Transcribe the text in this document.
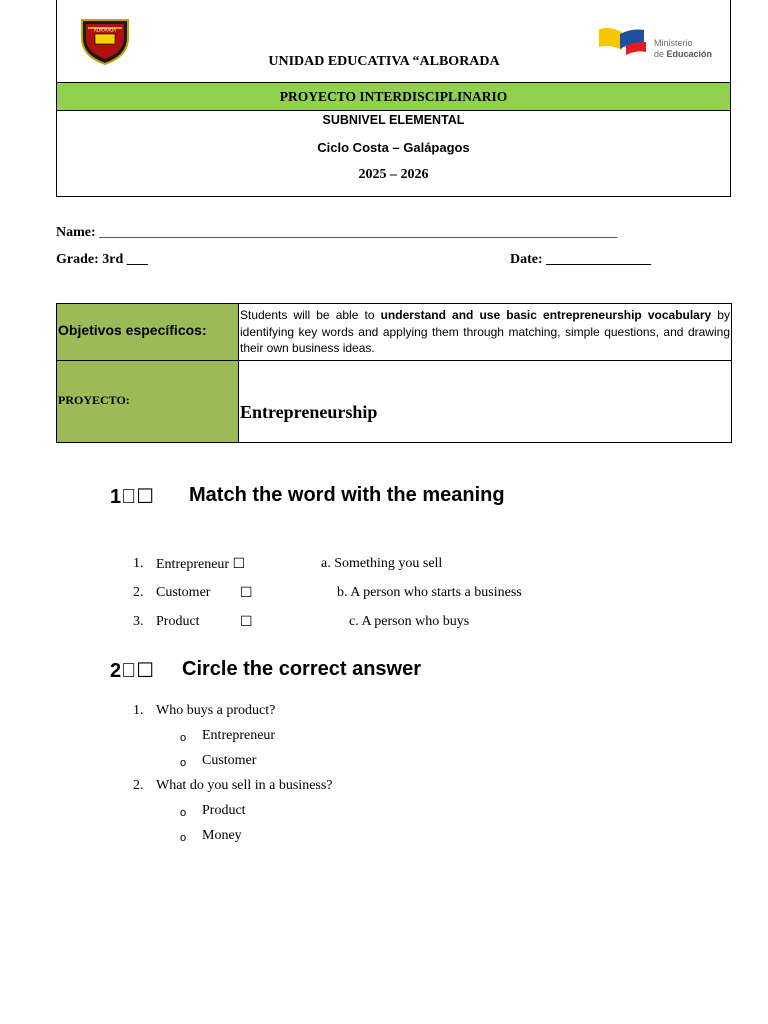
ALBORADA
Ministerio
de Educación
UNIDAD EDUCATIVA “ALBORADA
PROYECTO INTERDISCIPLINARIO
SUBNIVEL ELEMENTAL
Ciclo Costa – Galápagos
2025 – 2026
Name: __________________________________________________________________________
Grade: 3rd ___	Date: _______________
Objetivos específicos:
Students will be able to understand and use basic entrepreneurship vocabulary by identifying key words and applying them through matching, simple questions, and drawing their own business ideas.
PROYECTO:
Entrepreneurship
1⃣☐ Match the word with the meaning
1. Entrepreneur ☐	a. Something you sell
2. Customer ☐	b. A person who starts a business
3. Product	☐	c. A person who buys
2⃣☐ Circle the correct answer
1. Who buys a product?
o Entrepreneur
o Customer
2. What do you sell in a business?
o Product
o Money
